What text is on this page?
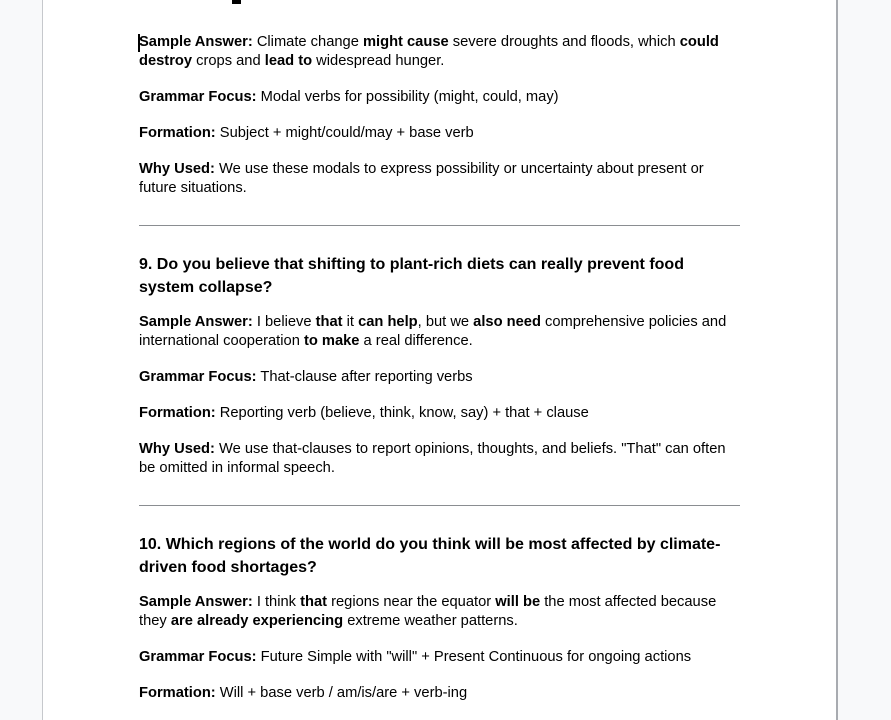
Sample Answer: Climate change might cause severe droughts and floods, which could destroy crops and lead to widespread hunger.

Grammar Focus: Modal verbs for possibility (might, could, may)

Formation: Subject + might/could/may + base verb

Why Used: We use these modals to express possibility or uncertainty about present or future situations.

9. Do you believe that shifting to plant-rich diets can really prevent food system collapse?

Sample Answer: I believe that it can help, but we also need comprehensive policies and international cooperation to make a real difference.

Grammar Focus: That-clause after reporting verbs

Formation: Reporting verb (believe, think, know, say) + that + clause

Why Used: We use that-clauses to report opinions, thoughts, and beliefs. "That" can often be omitted in informal speech.

10. Which regions of the world do you think will be most affected by climate-driven food shortages?

Sample Answer: I think that regions near the equator will be the most affected because they are already experiencing extreme weather patterns.

Grammar Focus: Future Simple with "will" + Present Continuous for ongoing actions

Formation: Will + base verb / am/is/are + verb-ing
